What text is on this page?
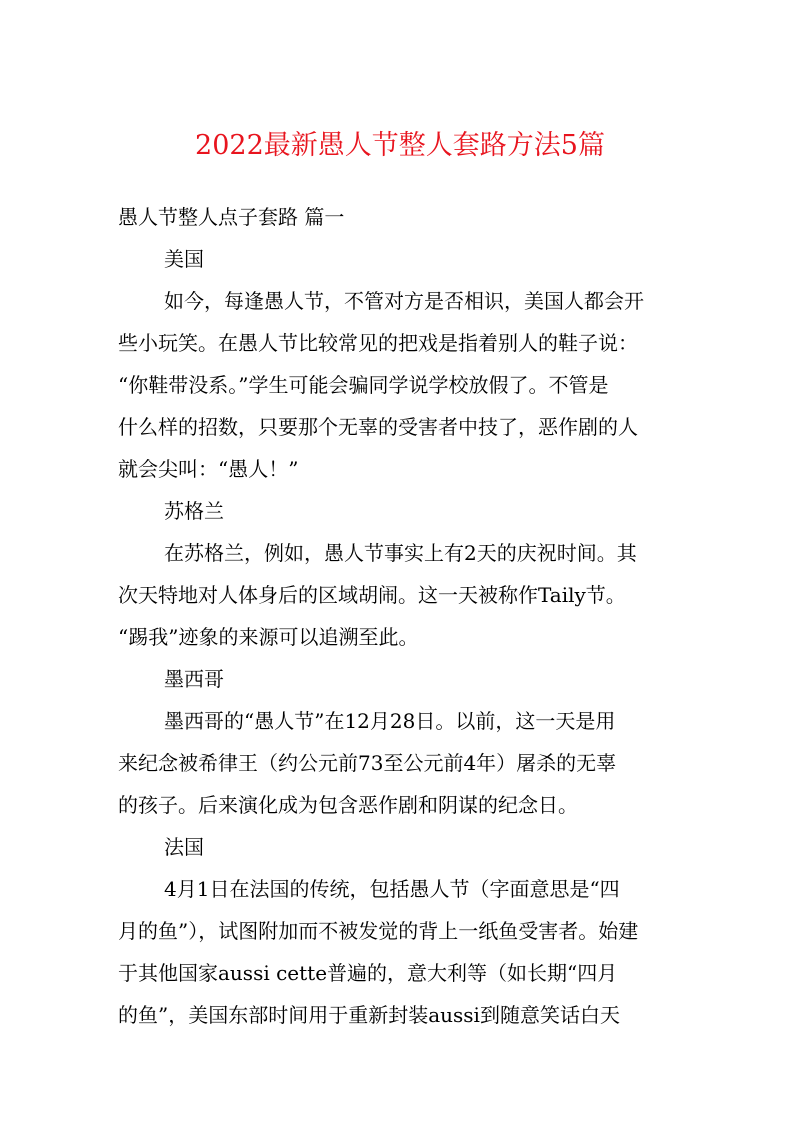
2022最新愚人节整人套路方法5篇
愚人节整人点子套路 篇一
美国
如今，每逢愚人节，不管对方是否相识，美国人都会开
些小玩笑。在愚人节比较常见的把戏是指着别人的鞋子说：
“你鞋带没系。”学生可能会骗同学说学校放假了。不管是
什么样的招数，只要那个无辜的受害者中技了，恶作剧的人
就会尖叫：“愚人！”
苏格兰
在苏格兰，例如，愚人节事实上有2天的庆祝时间。其
次天特地对人体身后的区域胡闹。这一天被称作Taily节。
“踢我”迹象的来源可以追溯至此。
墨西哥
墨西哥的“愚人节”在12月28日。以前，这一天是用
来纪念被希律王（约公元前73至公元前4年）屠杀的无辜
的孩子。后来演化成为包含恶作剧和阴谋的纪念日。
法国
4月1日在法国的传统，包括愚人节（字面意思是“四
月的鱼”），试图附加而不被发觉的背上一纸鱼受害者。始建
于其他国家aussi cette普遍的，意大利等（如长期“四月
的鱼”，美国东部时间用于重新封装aussi到随意笑话白天
